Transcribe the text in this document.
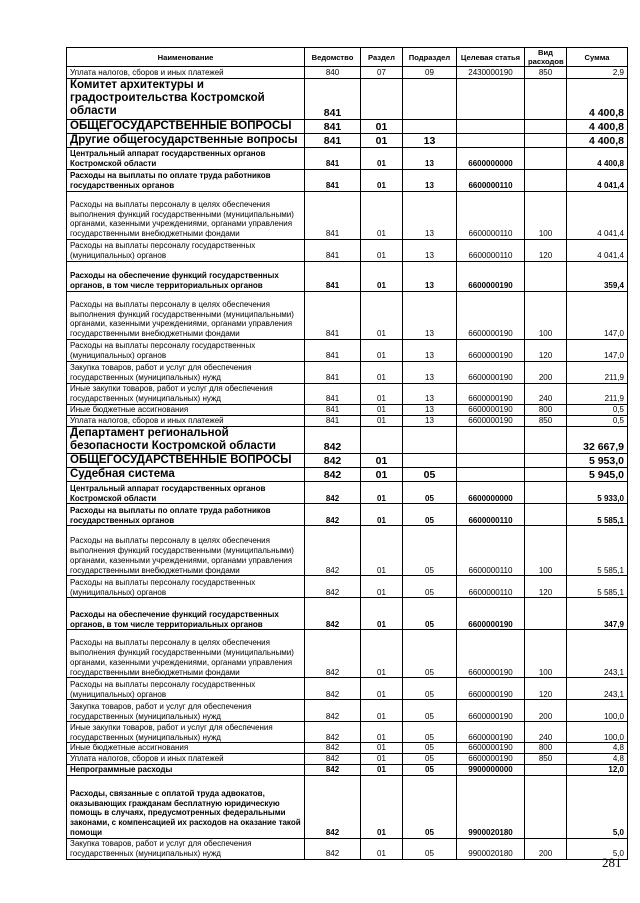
Наименование	Ведомство	Раздел	Подраздел	Целевая статья	Вид расходов	Сумма
Уплата налогов, сборов и иных платежей	840	07	09	2430000190	850	2,9
Комитет архитектуры и градостроительства Костромской области	841					4 400,8
ОБЩЕГОСУДАРСТВЕННЫЕ ВОПРОСЫ	841	01				4 400,8
Другие общегосударственные вопросы	841	01	13			4 400,8
Центральный аппарат государственных органов Костромской области	841	01	13	6600000000		4 400,8
Расходы на выплаты по оплате труда работников государственных органов	841	01	13	6600000110		4 041,4
Расходы на выплаты персоналу в целях обеспечения выполнения функций государственными (муниципальными) органами, казенными учреждениями, органами управления государственными внебюджетными фондами	841	01	13	6600000110	100	4 041,4
Расходы на выплаты персоналу государственных (муниципальных) органов	841	01	13	6600000110	120	4 041,4
Расходы на обеспечение функций государственных органов, в том числе территориальных органов	841	01	13	6600000190		359,4
Расходы на выплаты персоналу в целях обеспечения выполнения функций государственными (муниципальными) органами, казенными учреждениями, органами управления государственными внебюджетными фондами	841	01	13	6600000190	100	147,0
Расходы на выплаты персоналу государственных (муниципальных) органов	841	01	13	6600000190	120	147,0
Закупка товаров, работ и услуг для обеспечения государственных (муниципальных) нужд	841	01	13	6600000190	200	211,9
Иные закупки товаров, работ и услуг для обеспечения государственных (муниципальных) нужд	841	01	13	6600000190	240	211,9
Иные бюджетные ассигнования	841	01	13	6600000190	800	0,5
Уплата налогов, сборов и иных платежей	841	01	13	6600000190	850	0,5
Департамент региональной безопасности Костромской области	842					32 667,9
ОБЩЕГОСУДАРСТВЕННЫЕ ВОПРОСЫ	842	01				5 953,0
Судебная система	842	01	05			5 945,0
Центральный аппарат государственных органов Костромской области	842	01	05	6600000000		5 933,0
Расходы на выплаты по оплате труда работников государственных органов	842	01	05	6600000110		5 585,1
Расходы на выплаты персоналу в целях обеспечения выполнения функций государственными (муниципальными) органами, казенными учреждениями, органами управления государственными внебюджетными фондами	842	01	05	6600000110	100	5 585,1
Расходы на выплаты персоналу государственных (муниципальных) органов	842	01	05	6600000110	120	5 585,1
Расходы на обеспечение функций государственных органов, в том числе территориальных органов	842	01	05	6600000190		347,9
Расходы на выплаты персоналу в целях обеспечения выполнения функций государственными (муниципальными) органами, казенными учреждениями, органами управления государственными внебюджетными фондами	842	01	05	6600000190	100	243,1
Расходы на выплаты персоналу государственных (муниципальных) органов	842	01	05	6600000190	120	243,1
Закупка товаров, работ и услуг для обеспечения государственных (муниципальных) нужд	842	01	05	6600000190	200	100,0
Иные закупки товаров, работ и услуг для обеспечения государственных (муниципальных) нужд	842	01	05	6600000190	240	100,0
Иные бюджетные ассигнования	842	01	05	6600000190	800	4,8
Уплата налогов, сборов и иных платежей	842	01	05	6600000190	850	4,8
Непрограммные расходы	842	01	05	9900000000		12,0
Расходы, связанные с оплатой труда адвокатов, оказывающих гражданам бесплатную юридическую помощь в случаях, предусмотренных федеральными законами, с компенсацией их расходов на оказание такой помощи	842	01	05	9900020180		5,0
Закупка товаров, работ и услуг для обеспечения государственных (муниципальных) нужд	842	01	05	9900020180	200	5,0
281
